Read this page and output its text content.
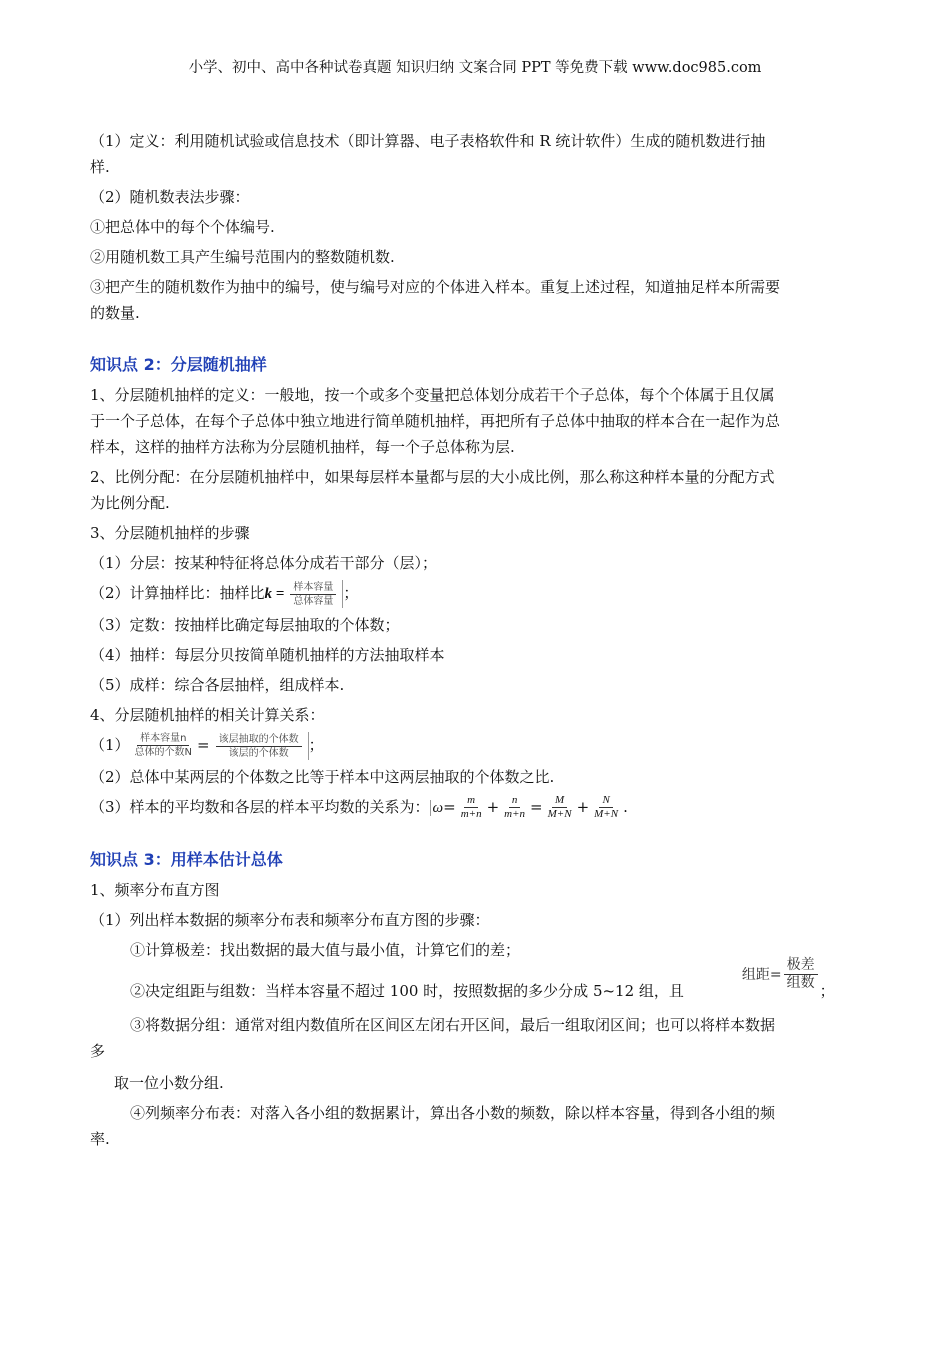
小学、初中、高中各种试卷真题 知识归纳 文案合同 PPT 等免费下载 www.doc985.com

（1）定义：利用随机试验或信息技术（即计算器、电子表格软件和 R 统计软件）生成的随机数进行抽

样.

（2）随机数表法步骤：

①把总体中的每个个体编号.

②用随机数工具产生编号范围内的整数随机数.

③把产生的随机数作为抽中的编号，使与编号对应的个体进入样本。重复上述过程，知道抽足样本所需要

的数量.

知识点 2：分层随机抽样

1、分层随机抽样的定义：一般地，按一个或多个变量把总体划分成若干个子总体，每个个体属于且仅属

于一个子总体，在每个子总体中独立地进行简单随机抽样，再把所有子总体中抽取的样本合在一起作为总

样本，这样的抽样方法称为分层随机抽样，每一个子总体称为层.

2、比例分配：在分层随机抽样中，如果每层样本量都与层的大小成比例，那么称这种样本量的分配方式

为比例分配.

3、分层随机抽样的步骤

（1）分层：按某种特征将总体分成若干部分（层）；

（2）计算抽样比：抽样比$k = \frac{\text{样本容量}}{\text{总体容量}}$ ；

（3）定数：按抽样比确定每层抽取的个体数；

（4）抽样：每层分贝按简单随机抽样的方法抽取样本

（5）成样：综合各层抽样，组成样本.

4、分层随机抽样的相关计算关系：

$(1) \frac{\text{样本容量n}}{\text{总体的个数N}} = \frac{\text{该层抽取的个体数}}{\text{该层的个体数}}$ ；

（2）总体中某两层的个体数之比等于样本中这两层抽取的个体数之比.

（3）样本的平均数和各层的样本平均数的关系为： $\omega= \frac{m}{m+n} + \frac{n}{m+n} = \frac{M}{M+N} + \frac{N}{M+N}$ .

知识点 3：用样本估计总体

1、频率分布直方图

（1）列出样本数据的频率分布表和频率分布直方图的步骤：

①计算极差：找出数据的最大值与最小值，计算它们的差；

②决定组距与组数：当样本容量不超过 100 时，按照数据的多少分成 5~12 组，且
组距= $\frac{\text{极差}}{\text{组数}}$ ；

③将数据分组：通常对组内数值所在区间区左闭右开区间，最后一组取闭区间；也可以将样本数据

多

取一位小数分组.

④列频率分布表：对落入各小组的数据累计，算出各小数的频数，除以样本容量，得到各小组的频

率.
